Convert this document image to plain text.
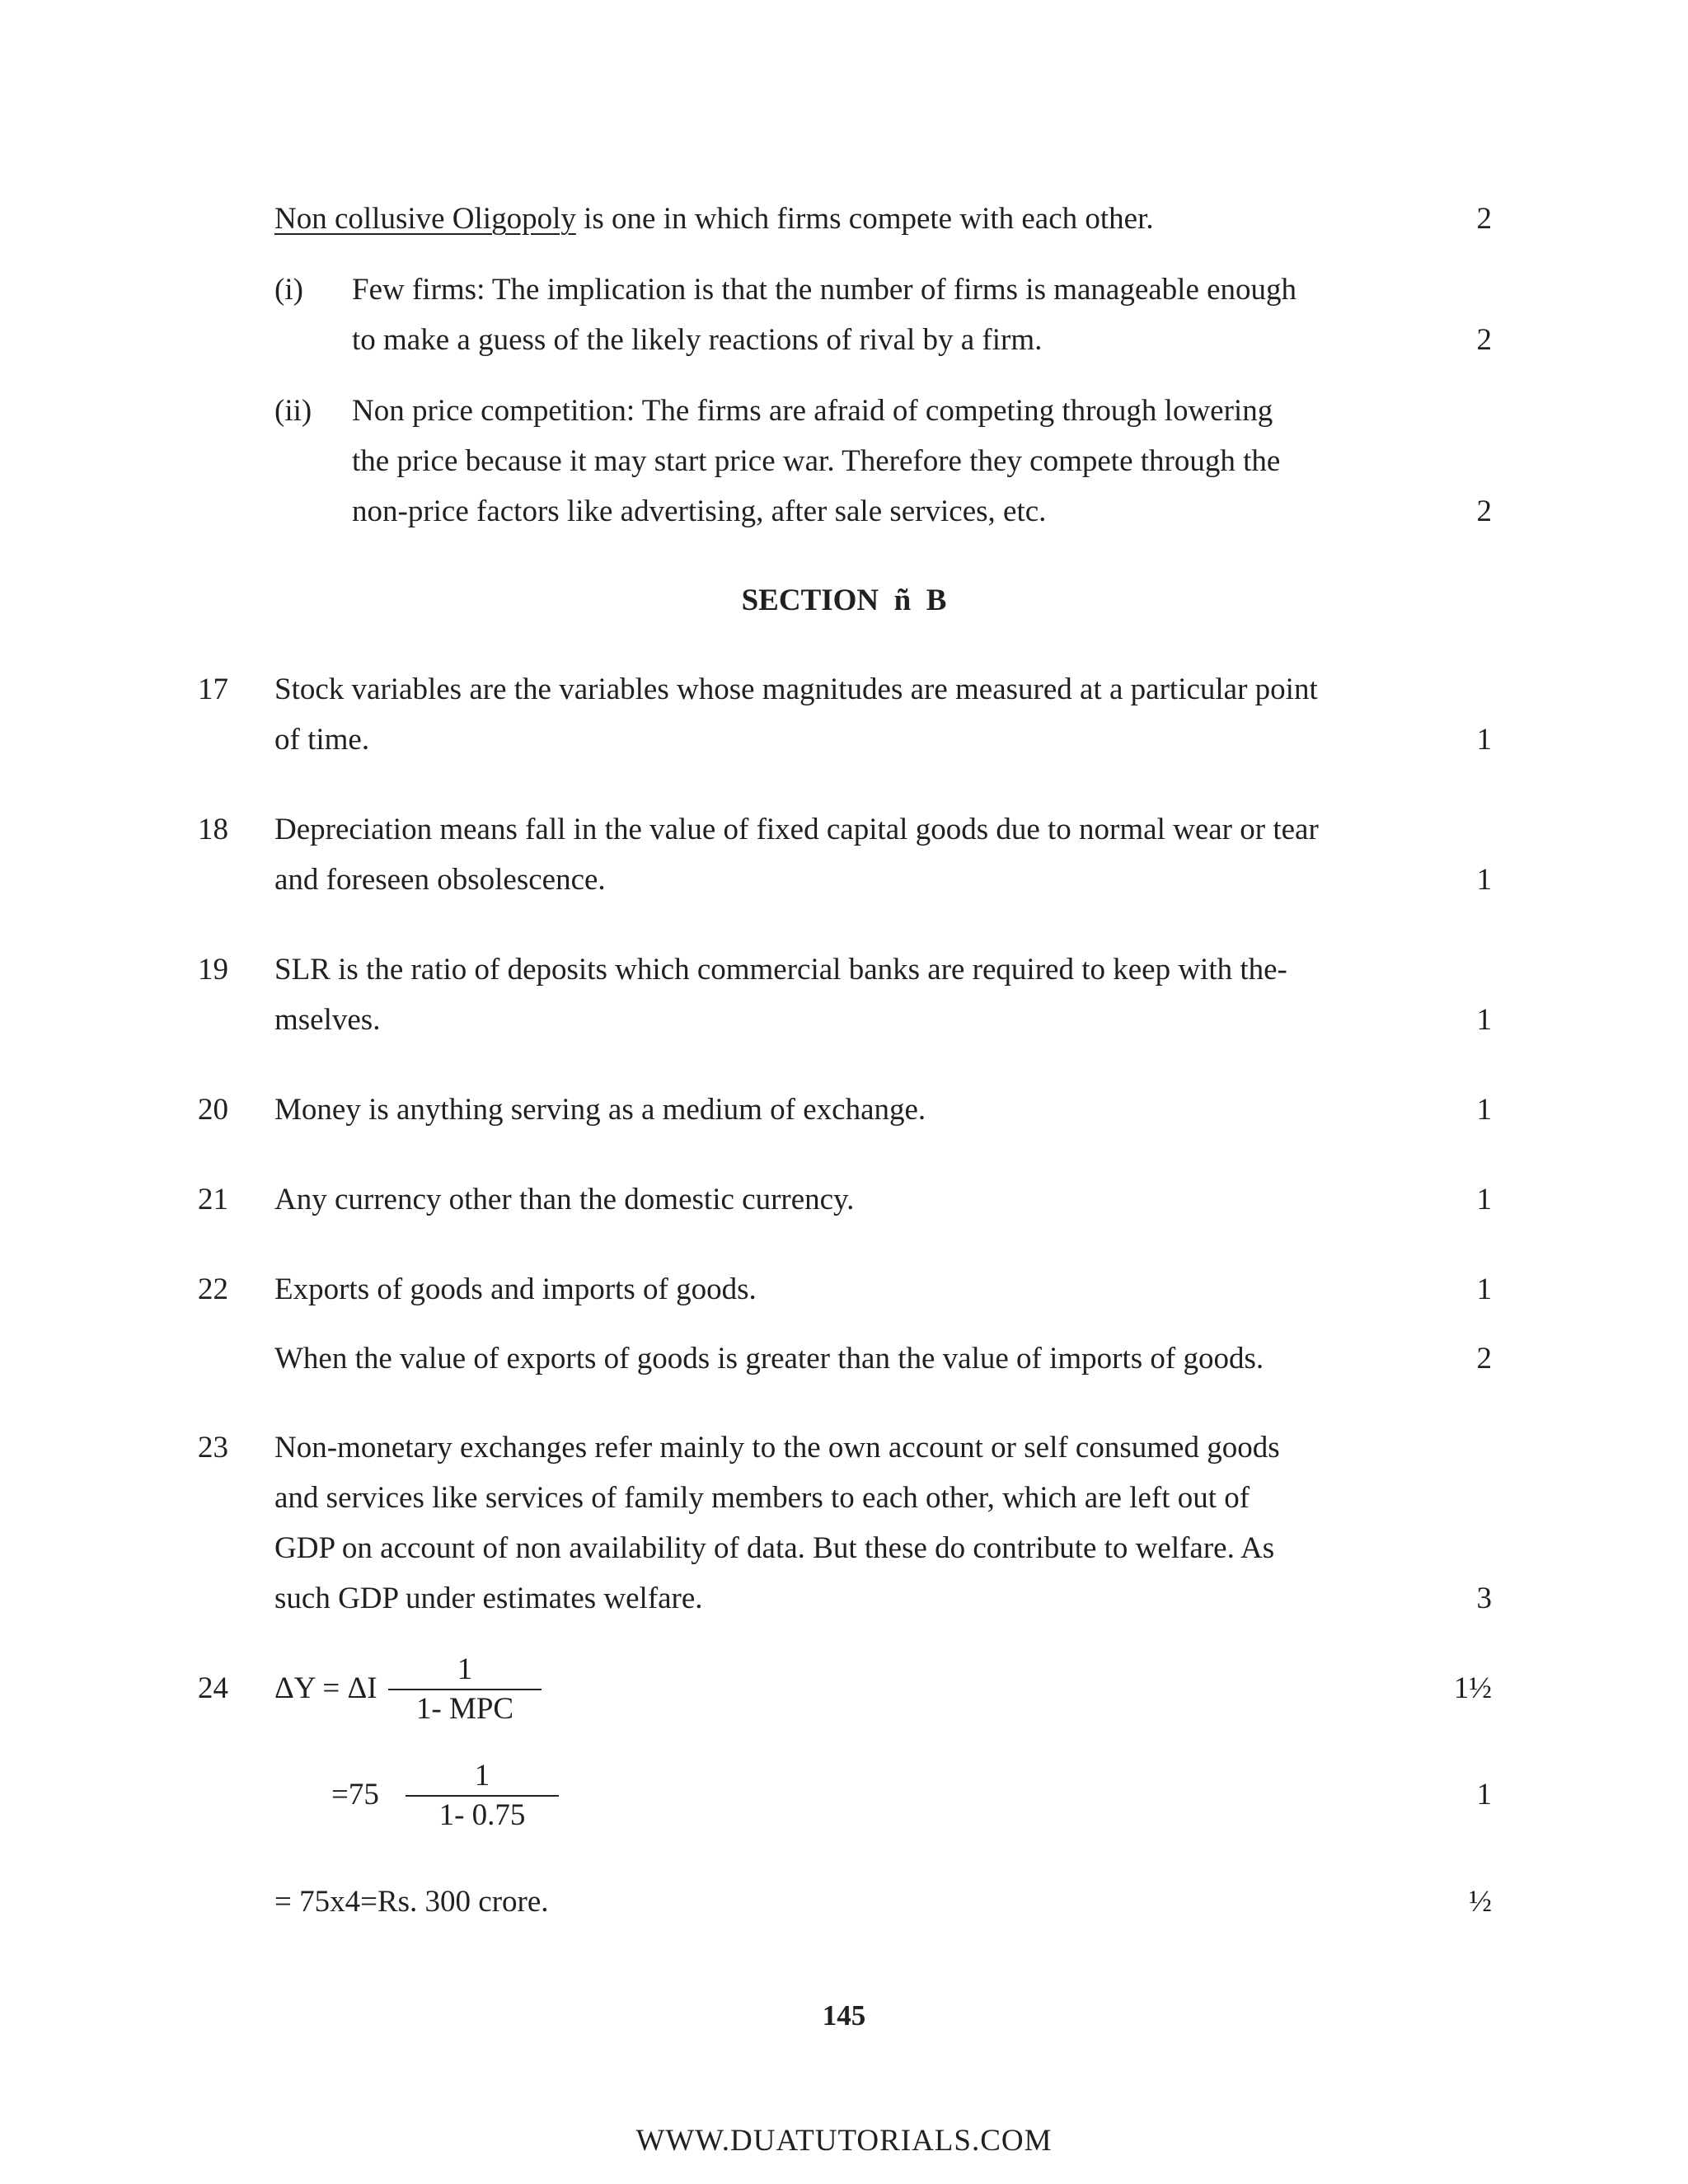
Non collusive Oligopoly is one in which firms compete with each other.	2
(i) Few firms: The implication is that the number of firms is manageable enough
to make a guess of the likely reactions of rival by a firm.	2
(ii) Non price competition: The firms are afraid of competing through lowering
the price because it may start price war. Therefore they compete through the
non-price factors like advertising, after sale services, etc.	2
SECTION  ñ  B
17 Stock variables are the variables whose magnitudes are measured at a particular point
of time.	1
18 Depreciation means fall in the value of fixed capital goods due to normal wear or tear
and foreseen obsolescence.	1
19 SLR is the ratio of deposits which commercial banks are required to keep with the-
mselves.	1
20 Money is anything serving as a medium of exchange.	1
21 Any currency other than the domestic currency.	1
22 Exports of goods and imports of goods.	1
When the value of exports of goods is greater than the value of imports of goods.	2
23 Non-monetary exchanges refer mainly to the own account or self consumed goods
and services like services of family members to each other, which are left out of
GDP on account of non availability of data. But these do contribute to welfare. As
such GDP under estimates welfare.	3
24 ΔY = ΔI
1
1- MPC
1½
=75
1
1- 0.75
1
= 75x4=Rs. 300 crore.	½
145
WWW.DUATUTORIALS.COM
